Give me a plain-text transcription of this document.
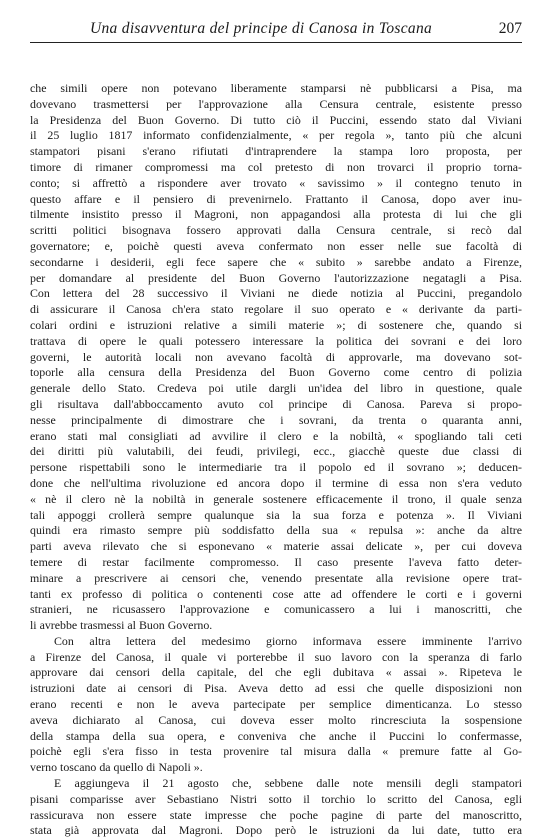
Una disavventura del principe di Canosa in Toscana	207

che simili opere non potevano liberamente stamparsi nè pubblicarsi a Pisa, ma
dovevano trasmettersi per l'approvazione alla Censura centrale, esistente presso
la Presidenza del Buon Governo. Di tutto ciò il Puccini, essendo stato dal Viviani
il 25 luglio 1817 informato confidenzialmente, « per regola », tanto più che alcuni
stampatori pisani s'erano rifiutati d'intraprendere la stampa loro proposta, per
timore di rimaner compromessi ma col pretesto di non trovarci il proprio torna-
conto; si affrettò a rispondere aver trovato « savissimo » il contegno tenuto in
questo affare e il pensiero di prevenirnelo. Frattanto il Canosa, dopo aver inu-
tilmente insistito presso il Magroni, non appagandosi alla protesta di lui che gli
scritti politici bisognava fossero approvati dalla Censura centrale, si recò dal
governatore; e, poichè questi aveva confermato non esser nelle sue facoltà di
secondarne i desiderii, egli fece sapere che « subito » sarebbe andato a Firenze,
per domandare al presidente del Buon Governo l'autorizzazione negatagli a Pisa.
Con lettera del 28 successivo il Viviani ne diede notizia al Puccini, pregandolo
di assicurare il Canosa ch'era stato regolare il suo operato e « derivante da parti-
colari ordini e istruzioni relative a simili materie »; di sostenere che, quando si
trattava di opere le quali potessero interessare la politica dei sovrani e dei loro
governi, le autorità locali non avevano facoltà di approvarle, ma dovevano sot-
toporle alla censura della Presidenza del Buon Governo come centro di polizia
generale dello Stato. Credeva poi utile dargli un'idea del libro in questione, quale
gli risultava dall'abboccamento avuto col principe di Canosa. Pareva si propo-
nesse principalmente di dimostrare che i sovrani, da trenta o quaranta anni,
erano stati mal consigliati ad avvilire il clero e la nobiltà, « spogliando tali ceti
dei diritti più valutabili, dei feudi, privilegi, ecc., giacchè queste due classi di
persone rispettabili sono le intermediarie tra il popolo ed il sovrano »; deducen-
done che nell'ultima rivoluzione ed ancora dopo il termine di essa non s'era veduto
« nè il clero nè la nobiltà in generale sostenere efficacemente il trono, il quale senza
tali appoggi crollerà sempre qualunque sia la sua forza e potenza ». Il Viviani
quindi era rimasto sempre più soddisfatto della sua « repulsa »: anche da altre
parti aveva rilevato che si esponevano « materie assai delicate », per cui doveva
temere di restar facilmente compromesso. Il caso presente l'aveva fatto deter-
minare a prescrivere ai censori che, venendo presentate alla revisione opere trat-
tanti ex professo di politica o contenenti cose atte ad offendere le corti e i governi
stranieri, ne ricusassero l'approvazione e comunicassero a lui i manoscritti, che
li avrebbe trasmessi al Buon Governo.

Con altra lettera del medesimo giorno informava essere imminente l'arrivo
a Firenze del Canosa, il quale vi porterebbe il suo lavoro con la speranza di farlo
approvare dai censori della capitale, del che egli dubitava « assai ». Ripeteva le
istruzioni date ai censori di Pisa. Aveva detto ad essi che quelle disposizioni non
erano recenti e non le aveva partecipate per semplice dimenticanza. Lo stesso
aveva dichiarato al Canosa, cui doveva esser molto rincresciuta la sospensione
della stampa della sua opera, e conveniva che anche il Puccini lo confermasse,
poichè egli s'era fisso in testa provenire tal misura dalla « premure fatte al Go-
verno toscano da quello di Napoli ».

E aggiungeva il 21 agosto che, sebbene dalle note mensili degli stampatori
pisani comparisse aver Sebastiano Nistri sotto il torchio lo scritto del Canosa, egli
rassicurava non essere state impresse che poche pagine di parte del manoscritto,
stata già approvata dal Magroni. Dopo però le istruzioni da lui date, tutto era
